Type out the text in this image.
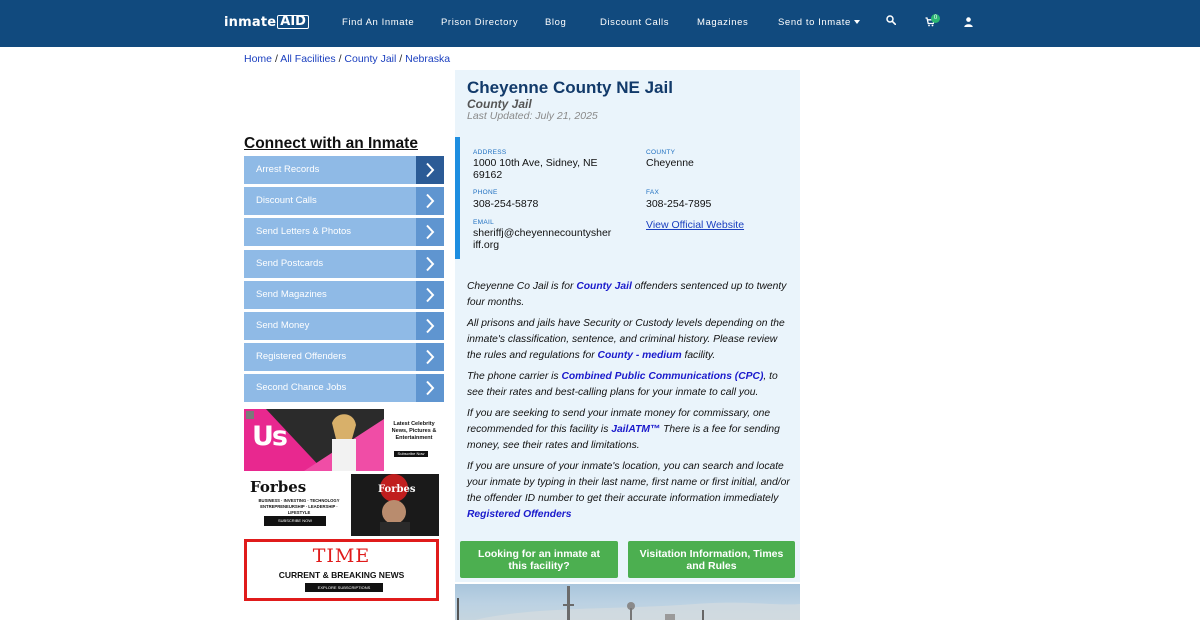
inmate AID	Find An Inmate	Prison Directory	Blog	Discount Calls	Magazines	Send to Inmate	0
Home / All Facilities / County Jail / Nebraska
Connect with an Inmate
Arrest Records
Discount Calls
Send Letters & Photos
Send Postcards
Send Magazines
Send Money
Registered Offenders
Second Chance Jobs
Us	Latest Celebrity News, Pictures & Entertainment
Subscribe Now
Forbes
BUSINESS · INVESTING · TECHNOLOGY ENTREPRENEURSHIP · LEADERSHIP · LIFESTYLE
SUBSCRIBE NOW
Forbes
TIME
CURRENT & BREAKING NEWS
EXPLORE SUBSCRIPTIONS
Cheyenne County NE Jail
County Jail
Last Updated: July 21, 2025
ADDRESS
1000 10th Ave, Sidney, NE
69162
COUNTY
Cheyenne
PHONE
308-254-5878
FAX
308-254-7895
EMAIL
sheriffj@cheyennecountysher
iff.org
View Official Website

Cheyenne Co Jail is for County Jail offenders sentenced up to twenty four months.

All prisons and jails have Security or Custody levels depending on the inmate's classification, sentence, and criminal history. Please review the rules and regulations for County - medium facility.

The phone carrier is Combined Public Communications (CPC), to see their rates and best-calling plans for your inmate to call you.

If you are seeking to send your inmate money for commissary, one recommended for this facility is JailATM™ There is a fee for sending money, see their rates and limitations.

If you are unsure of your inmate's location, you can search and locate your inmate by typing in their last name, first name or first initial, and/or the offender ID number to get their accurate information immediately Registered Offenders

Looking for an inmate at this facility?
Visitation Information, Times and Rules
